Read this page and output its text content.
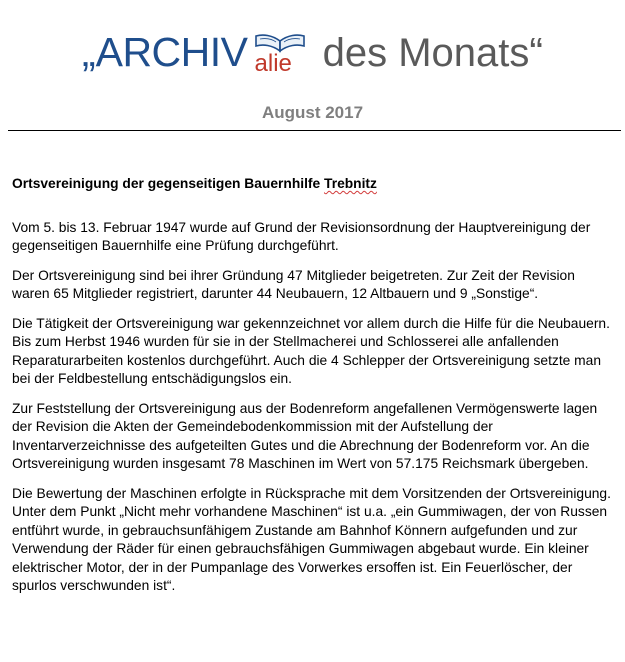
„ARCHIV alie des Monats“
August 2017
Ortsvereinigung der gegenseitigen Bauernhilfe Trebnitz

Vom 5. bis 13. Februar 1947 wurde auf Grund der Revisionsordnung der Hauptvereinigung der gegenseitigen Bauernhilfe eine Prüfung durchgeführt.

Der Ortsvereinigung sind bei ihrer Gründung 47 Mitglieder beigetreten. Zur Zeit der Revision waren 65 Mitglieder registriert, darunter 44 Neubauern, 12 Altbauern und 9 „Sonstige“.

Die Tätigkeit der Ortsvereinigung war gekennzeichnet vor allem durch die Hilfe für die Neubauern. Bis zum Herbst 1946 wurden für sie in der Stellmacherei und Schlosserei alle anfallenden Reparaturarbeiten kostenlos durchgeführt. Auch die 4 Schlepper der Ortsvereinigung setzte man bei der Feldbestellung entschädigungslos ein.

Zur Feststellung der Ortsvereinigung aus der Bodenreform angefallenen Vermögenswerte lagen der Revision die Akten der Gemeindebodenkommission mit der Aufstellung der Inventarverzeichnisse des aufgeteilten Gutes und die Abrechnung der Bodenreform vor. An die Ortsvereinigung wurden insgesamt 78 Maschinen im Wert von 57.175 Reichsmark übergeben.

Die Bewertung der Maschinen erfolgte in Rücksprache mit dem Vorsitzenden der Ortsvereinigung. Unter dem Punkt „Nicht mehr vorhandene Maschinen“ ist u.a. „ein Gummiwagen, der von Russen entführt wurde, in gebrauchsunfähigem Zustande am Bahnhof Könnern aufgefunden und zur Verwendung der Räder für einen gebrauchsfähigen Gummiwagen abgebaut wurde. Ein kleiner elektrischer Motor, der in der Pumpanlage des Vorwerkes ersoffen ist. Ein Feuerlöscher, der spurlos verschwunden ist“.
